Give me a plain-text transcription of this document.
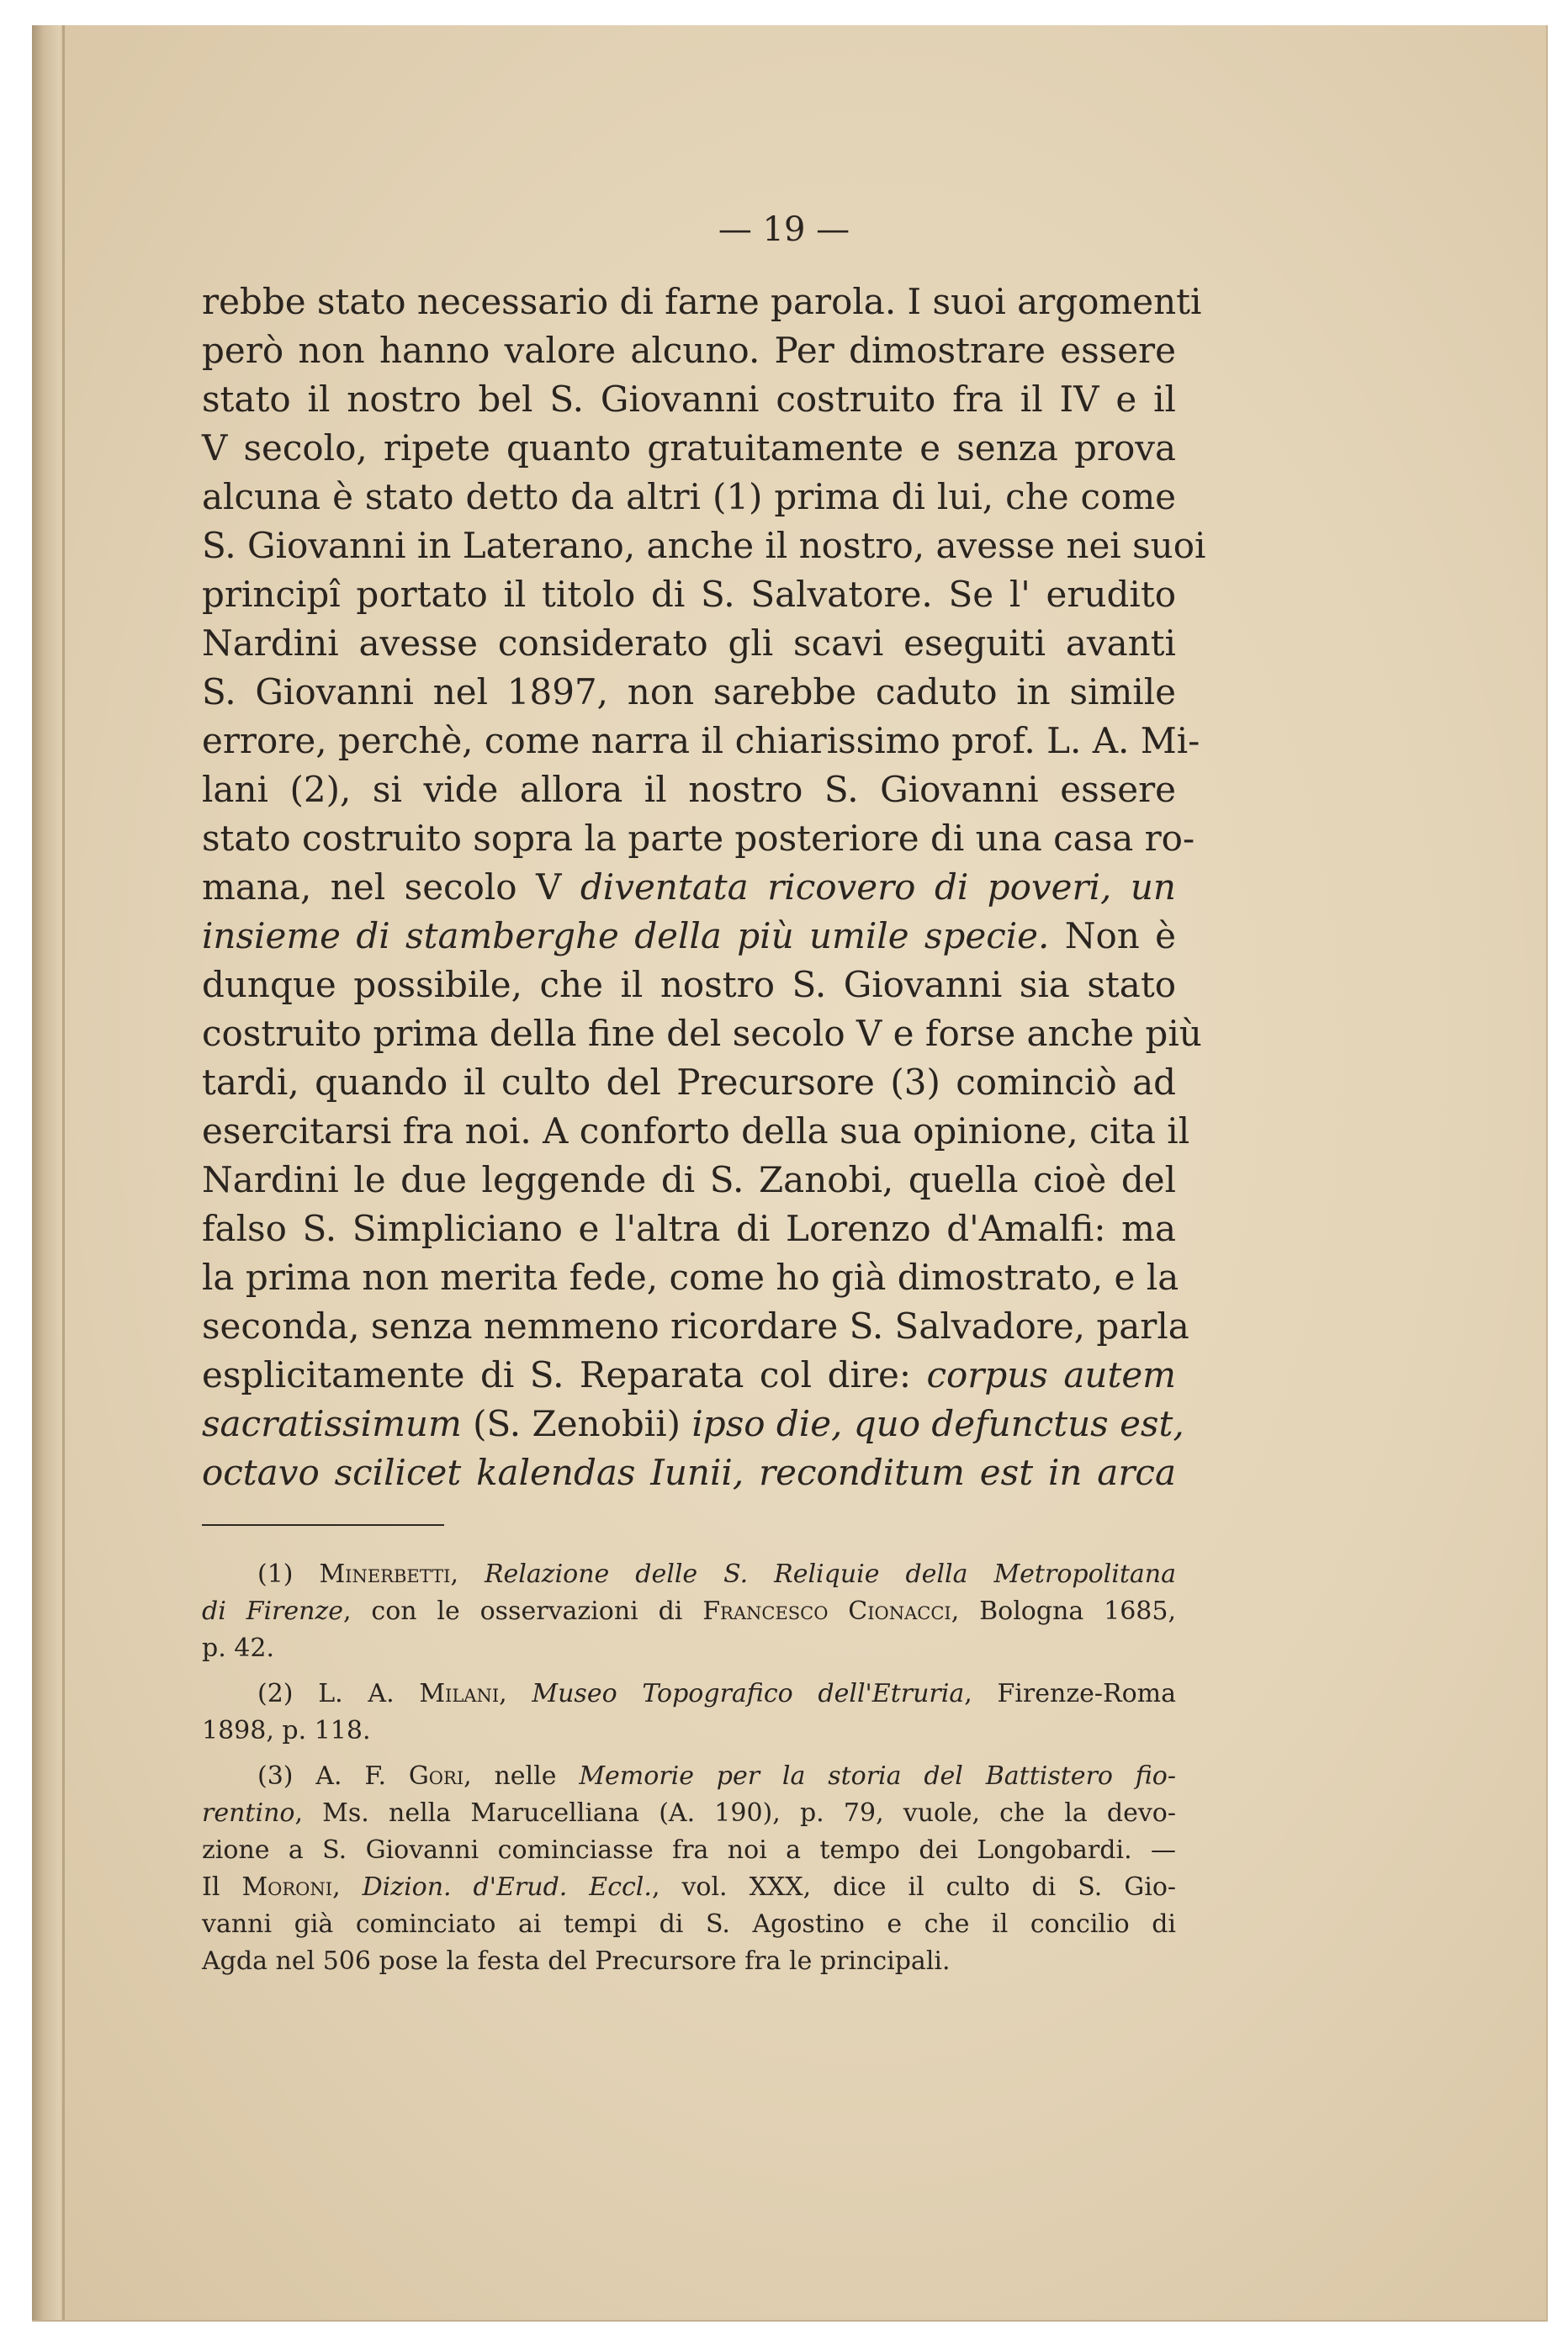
— 19 —

rebbe stato necessario di farne parola. I suoi argomenti
però non hanno valore alcuno. Per dimostrare essere
stato il nostro bel S. Giovanni costruito fra il IV e il
V secolo, ripete quanto gratuitamente e senza prova
alcuna è stato detto da altri (1) prima di lui, che come
S. Giovanni in Laterano, anche il nostro, avesse nei suoi
principî portato il titolo di S. Salvatore. Se l' erudito
Nardini avesse considerato gli scavi eseguiti avanti
S. Giovanni nel 1897, non sarebbe caduto in simile
errore, perchè, come narra il chiarissimo prof. L. A. Mi-
lani (2), si vide allora il nostro S. Giovanni essere
stato costruito sopra la parte posteriore di una casa ro-
mana, nel secolo V diventata ricovero di poveri, un
insieme di stamberghe della più umile specie. Non è
dunque possibile, che il nostro S. Giovanni sia stato
costruito prima della fine del secolo V e forse anche più
tardi, quando il culto del Precursore (3) cominciò ad
esercitarsi fra noi. A conforto della sua opinione, cita il
Nardini le due leggende di S. Zanobi, quella cioè del
falso S. Simpliciano e l'altra di Lorenzo d'Amalfi: ma
la prima non merita fede, come ho già dimostrato, e la
seconda, senza nemmeno ricordare S. Salvadore, parla
esplicitamente di S. Reparata col dire: corpus autem
sacratissimum (S. Zenobii) ipso die, quo defunctus est,
octavo scilicet kalendas Iunii, reconditum est in arca
(1) Minerbetti, Relazione delle S. Reliquie della Metropolitana
di Firenze, con le osservazioni di Francesco Cionacci, Bologna 1685,
p. 42.
(2) L. A. Milani, Museo Topografico dell'Etruria, Firenze-Roma
1898, p. 118.
(3) A. F. Gori, nelle Memorie per la storia del Battistero fio-
rentino, Ms. nella Marucelliana (A. 190), p. 79, vuole, che la devo-
zione a S. Giovanni cominciasse fra noi a tempo dei Longobardi. —
Il Moroni, Dizion. d'Erud. Eccl., vol. XXX, dice il culto di S. Gio-
vanni già cominciato ai tempi di S. Agostino e che il concilio di
Agda nel 506 pose la festa del Precursore fra le principali.
